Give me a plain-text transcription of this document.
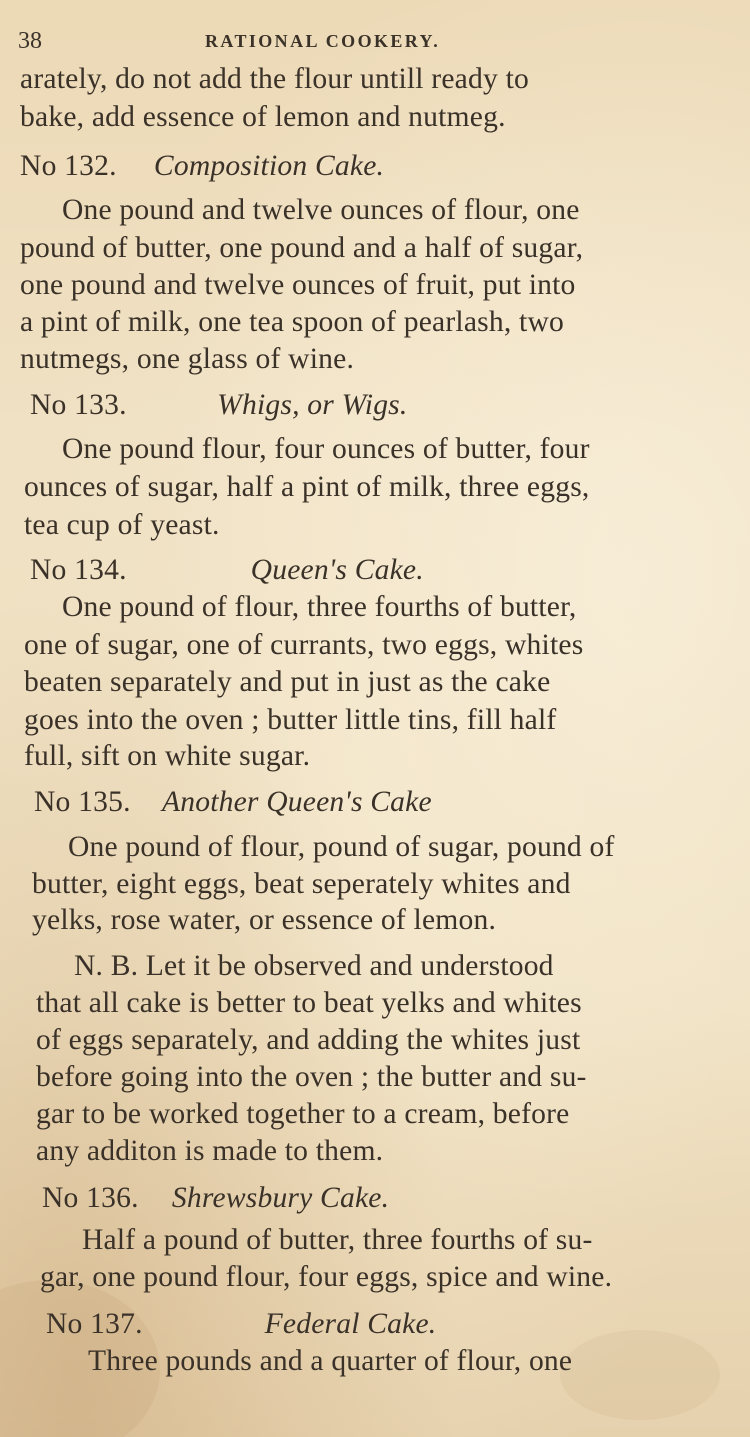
38	RATIONAL COOKERY.
arately, do not add the flour untill ready to
bake, add essence of lemon and nutmeg.
No 132. Composition Cake.
One pound and twelve ounces of flour, one
pound of butter, one pound and a half of sugar,
one pound and twelve ounces of fruit, put into
a pint of milk, one tea spoon of pearlash, two
nutmegs, one glass of wine.
No 133.	Whigs, or Wigs.
One pound flour, four ounces of butter, four
ounces of sugar, half a pint of milk, three eggs,
tea cup of yeast.
No 134.	Queen's Cake.
One pound of flour, three fourths of butter,
one of sugar, one of currants, two eggs, whites
beaten separately and put in just as the cake
goes into the oven ; butter little tins, fill half
full, sift on white sugar.
No 135. Another Queen's Cake
One pound of flour, pound of sugar, pound of
butter, eight eggs, beat seperately whites and
yelks, rose water, or essence of lemon.
N. B. Let it be observed and understood
that all cake is better to beat yelks and whites
of eggs separately, and adding the whites just
before going into the oven ; the butter and su-
gar to be worked together to a cream, before
any additon is made to them.
No 136. Shrewsbury Cake.
Half a pound of butter, three fourths of su-
gar, one pound flour, four eggs, spice and wine.
No 137.	Federal Cake.
Three pounds and a quarter of flour, one
